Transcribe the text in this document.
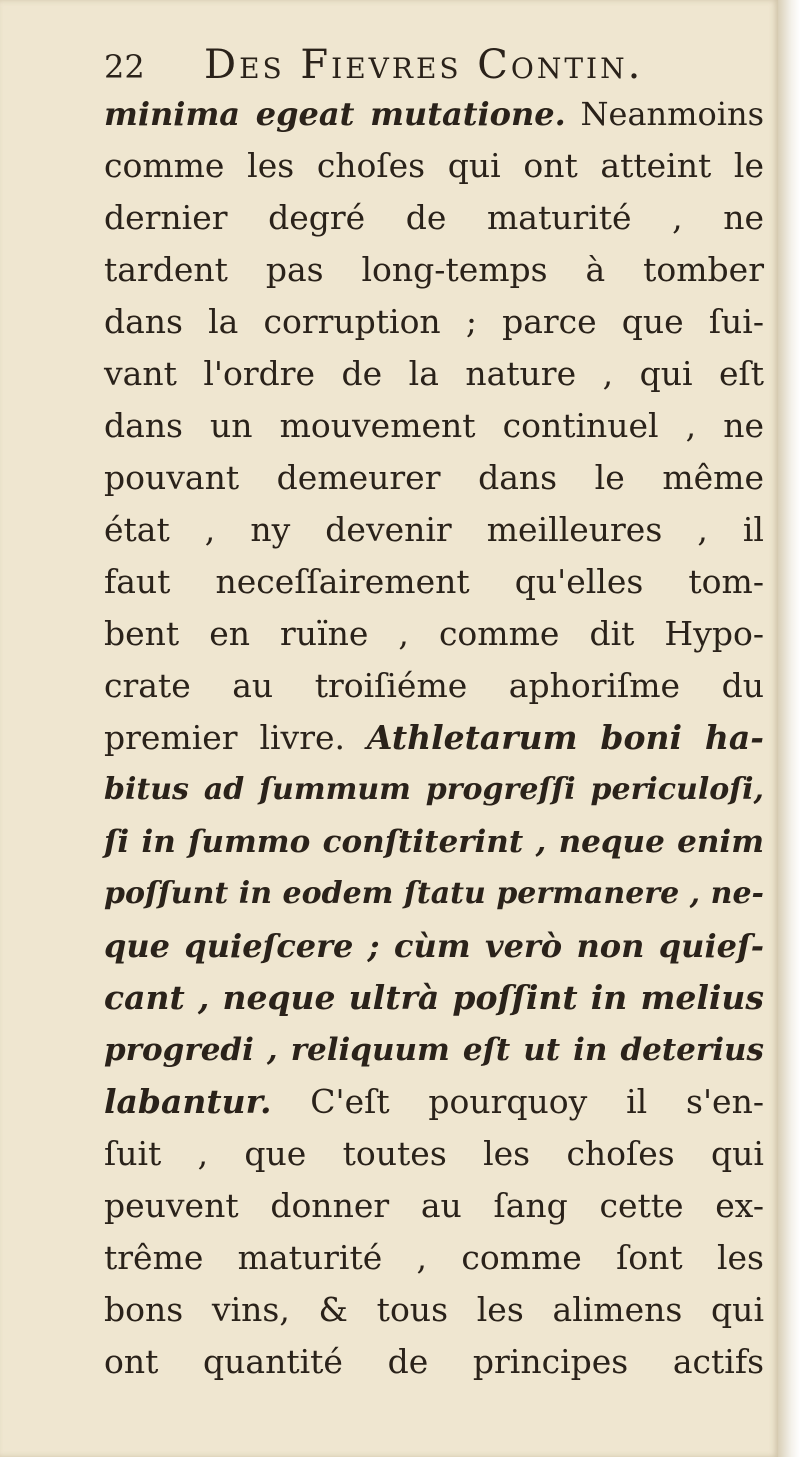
22 Des Fievres Contin.
minima egeat mutatione. Neanmoins
comme les choſes qui ont atteint le
dernier degré de maturité , ne
tardent pas long-temps à tomber
dans la corruption ; parce que ſui-
vant l'ordre de la nature , qui eſt
dans un mouvement continuel , ne
pouvant demeurer dans le même
état , ny devenir meilleures , il
faut neceſſairement qu'elles tom-
bent en ruïne , comme dit Hypo-
crate au troiſiéme aphoriſme du
premier livre. Athletarum boni ha-
bitus ad ſummum progreſſi periculoſi,
ſi in ſummo conſtiterint , neque enim
poſſunt in eodem ſtatu permanere , ne-
que quieſcere ; cùm verò non quieſ-
cant , neque ultrà poſſint in melius
progredi , reliquum eſt ut in deterius
labantur. C'eſt pourquoy il s'en-
ſuit , que toutes les choſes qui
peuvent donner au ſang cette ex-
trême maturité , comme ſont les
bons vins, & tous les alimens qui
ont quantité de principes actifs
